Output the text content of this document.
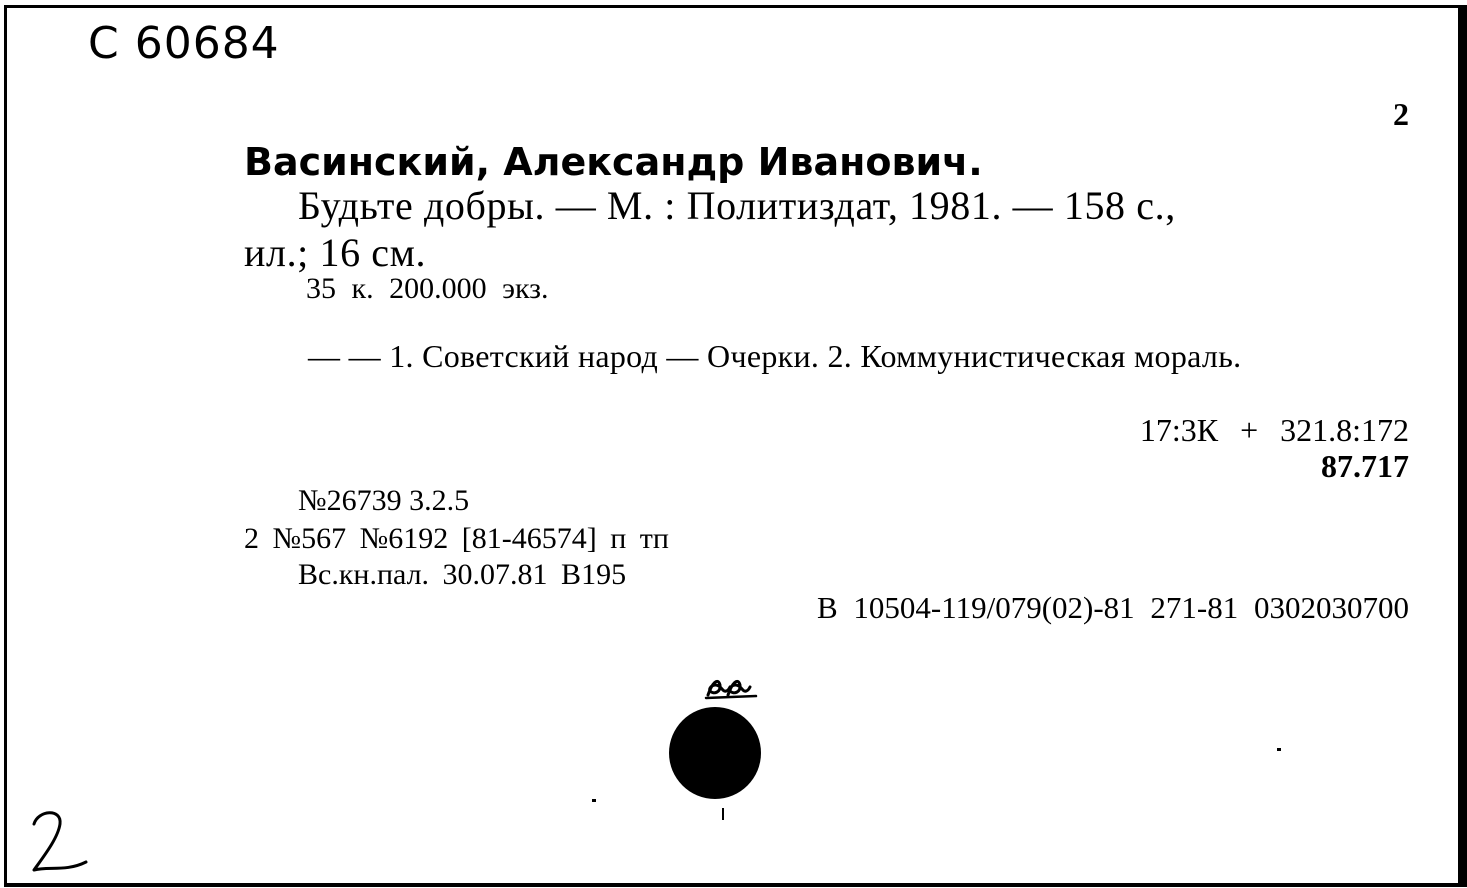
C 60684
2
Васинский, Александр Иванович.
Будьте добры. — М. : Политиздат, 1981. — 158 с.,
ил.; 16 см.
35 к. 200.000 экз.
— — 1. Советский народ — Очерки. 2. Коммунистическая мораль.
17:3К + 321.8:172
87.717
№26739 3.2.5
2 №567 №6192 [81-46574] п тп
Вс.кн.пал. 30.07.81 В195
В 10504-119/079(02)-81 271-81 0302030700
